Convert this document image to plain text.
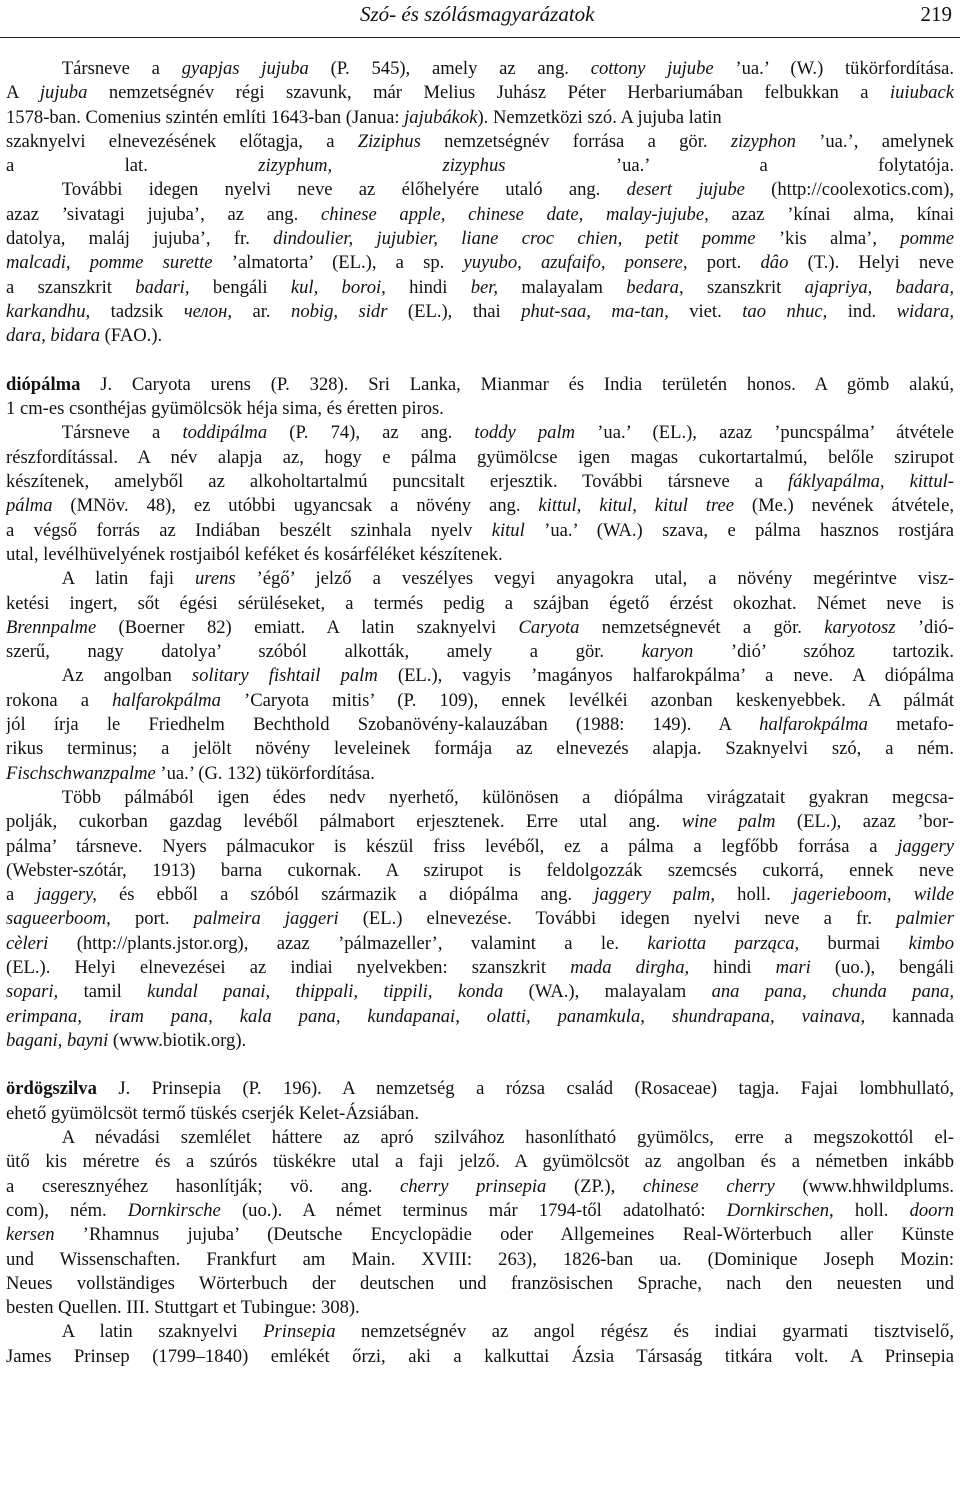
Szó- és szólásmagyarázatok	219
   Társneve a gyapjas jujuba (P. 545), amely az ang. cottony jujube ’ua.’ (W.) tükörfordítása.
A jujuba nemzetségnév régi szavunk, már Melius Juhász Péter Herbariumában felbukkan a iuiuback
1578-ban. Comenius szintén említi 1643-ban (Janua: jajubákok). Nemzetközi szó. A jujuba latin
szaknyelvi elnevezésének előtagja, a Ziziphus nemzetségnév forrása a gör. zizyphon ’ua.’, amelynek
a lat. zizyphum, zizyphus ’ua.’ a folytatója.
   További idegen nyelvi neve az élőhelyére utaló ang. desert jujube (http://coolexotics.com),
azaz ’sivatagi jujuba’, az ang. chinese apple, chinese date, malay-jujube, azaz ’kínai alma, kínai
datolya, maláj jujuba’, fr. dindoulier, jujubier, liane croc chien, petit pomme ’kis alma’, pomme
malcadi, pomme surette ’almatorta’ (EL.), a sp. yuyubo, azufaifo, ponsere, port. dâo (T.). Helyi neve
a szanszkrit badari, bengáli kul, boroi, hindi ber, malayalam bedara, szanszkrit ajapriya, badara,
karkandhu, tadzsik челон, ar. nobig, sidr (EL.), thai phut-saa, ma-tan, viet. tao nhuc, ind. widara,
dara, bidara (FAO.).
diópálma J. Caryota urens (P. 328). Sri Lanka, Mianmar és India területén honos. A gömb alakú,
1 cm-es csonthéjas gyümölcsök héja sima, és éretten piros.
   Társneve a toddipálma (P. 74), az ang. toddy palm ’ua.’ (EL.), azaz ’puncspálma’ átvétele
részfordítással. A név alapja az, hogy e pálma gyümölcse igen magas cukortartalmú, belőle szirupot
készítenek, amelyből az alkoholtartalmú puncsitalt erjesztik. További társneve a fáklyapálma, kittul-
pálma (MNöv. 48), ez utóbbi ugyancsak a növény ang. kittul, kitul, kitul tree (Me.) nevének átvétele,
a végső forrás az Indiában beszélt szinhala nyelv kitul ’ua.’ (WA.) szava, e pálma hasznos rostjára
utal, levélhüvelyének rostjaiból keféket és kosárféléket készítenek.
   A latin faji urens ’égő’ jelző a veszélyes vegyi anyagokra utal, a növény megérintve visz-
ketési ingert, sőt égési sérüléseket, a termés pedig a szájban égető érzést okozhat. Német neve is
Brennpalme (Boerner 82) emiatt. A latin szaknyelvi Caryota nemzetségnevét a gör. karyotosz ’dió-
szerű, nagy datolya’ szóból alkották, amely a gör. karyon ’dió’ szóhoz tartozik.
   Az angolban solitary fishtail palm (EL.), vagyis ’magányos halfarokpálma’ a neve. A diópálma
rokona a halfarokpálma ’Caryota mitis’ (P. 109), ennek levélkéi azonban keskenyebbek. A pálmát
jól írja le Friedhelm Bechthold Szobanövény-kalauzában (1988: 149). A halfarokpálma metafo-
rikus terminus; a jelölt növény leveleinek formája az elnevezés alapja. Szaknyelvi szó, a ném.
Fischschwanzpalme ’ua.’ (G. 132) tükörfordítása.
   Több pálmából igen édes nedv nyerhető, különösen a diópálma virágzatait gyakran megcsa-
polják, cukorban gazdag levéből pálmabort erjesztenek. Erre utal ang. wine palm (EL.), azaz ’bor-
pálma’ társneve. Nyers pálmacukor is készül friss levéből, ez a pálma a legfőbb forrása a jaggery
(Webster-szótár, 1913) barna cukornak. A szirupot is feldolgozzák szemcsés cukorrá, ennek neve
a jaggery, és ebből a szóból származik a diópálma ang. jaggery palm, holl. jagerieboom, wilde
sagueerboom, port. palmeira jaggeri (EL.) elnevezése. További idegen nyelvi neve a fr. palmier
cèleri (http://plants.jstor.org), azaz ’pálmazeller’, valamint a le. kariotta parząca, burmai kimbo
(EL.). Helyi elnevezései az indiai nyelvekben: szanszkrit mada dirgha, hindi mari (uo.), bengáli
sopari, tamil kundal panai, thippali, tippili, konda (WA.), malayalam ana pana, chunda pana,
erimpana, iram pana, kala pana, kundapanai, olatti, panamkula, shundrapana, vainava, kannada
bagani, bayni (www.biotik.org).
ördögszilva J. Prinsepia (P. 196). A nemzetség a rózsa család (Rosaceae) tagja. Fajai lombhullató,
ehető gyümölcsöt termő tüskés cserjék Kelet-Ázsiában.
   A névadási szemlélet háttere az apró szilvához hasonlítható gyümölcs, erre a megszokottól el-
ütő kis méretre és a szúrós tüskékre utal a faji jelző. A gyümölcsöt az angolban és a németben inkább
a cseresznyéhez hasonlítják; vö. ang. cherry prinsepia (ZP.), chinese cherry (www.hhwildplums.
com), ném. Dornkirsche (uo.). A német terminus már 1794-től adatolható: Dornkirschen, holl. doorn
kersen ’Rhamnus jujuba’ (Deutsche Encyclopädie oder Allgemeines Real-Wörterbuch aller Künste
und Wissenschaften. Frankfurt am Main. XVIII: 263), 1826-ban ua. (Dominique Joseph Mozin:
Neues vollständiges Wörterbuch der deutschen und französischen Sprache, nach den neuesten und
besten Quellen. III. Stuttgart et Tubingue: 308).
   A latin szaknyelvi Prinsepia nemzetségnév az angol régész és indiai gyarmati tisztviselő,
James Prinsep (1799–1840) emlékét őrzi, aki a kalkuttai Ázsia Társaság titkára volt. A Prinsepia
